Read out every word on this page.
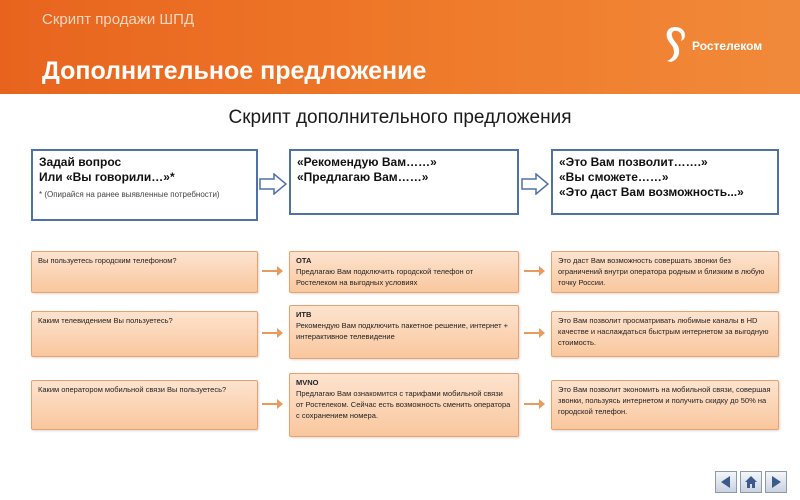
Скрипт продажи ШПД
Дополнительное предложение
Ростелеком
Скрипт дополнительного предложения
Задай вопрос
Или «Вы говорили…»*
* (Опирайся на ранее выявленные потребности)
«Рекомендую Вам……»
«Предлагаю Вам……»
«Это Вам позволит…….»
«Вы сможете……»
«Это даст Вам возможность...»
Вы пользуетесь городским телефоном?	ОТА
Предлагаю Вам подключить городской телефон от Ростелеком на выгодных условиях
Это даст Вам возможность совершать звонки без ограничений внутри оператора родным и близким в любую точку России.
Каким телевидением Вы пользуетесь?
ИТВ
Рекомендую Вам подключить пакетное решение, интернет + интерактивное телевидение
Это Вам позволит просматривать любимые каналы в HD качестве и наслаждаться быстрым интернетом за выгодную стоимость.
Каким оператором мобильной связи Вы пользуетесь?
MVNO
Предлагаю Вам ознакомится с тарифами мобильной связи от Ростелеком. Сейчас есть возможность сменить оператора с сохранением номера.
Это Вам позволит экономить на мобильной связи, совершая звонки, пользуясь интернетом и получить скидку до 50% на городской телефон.
